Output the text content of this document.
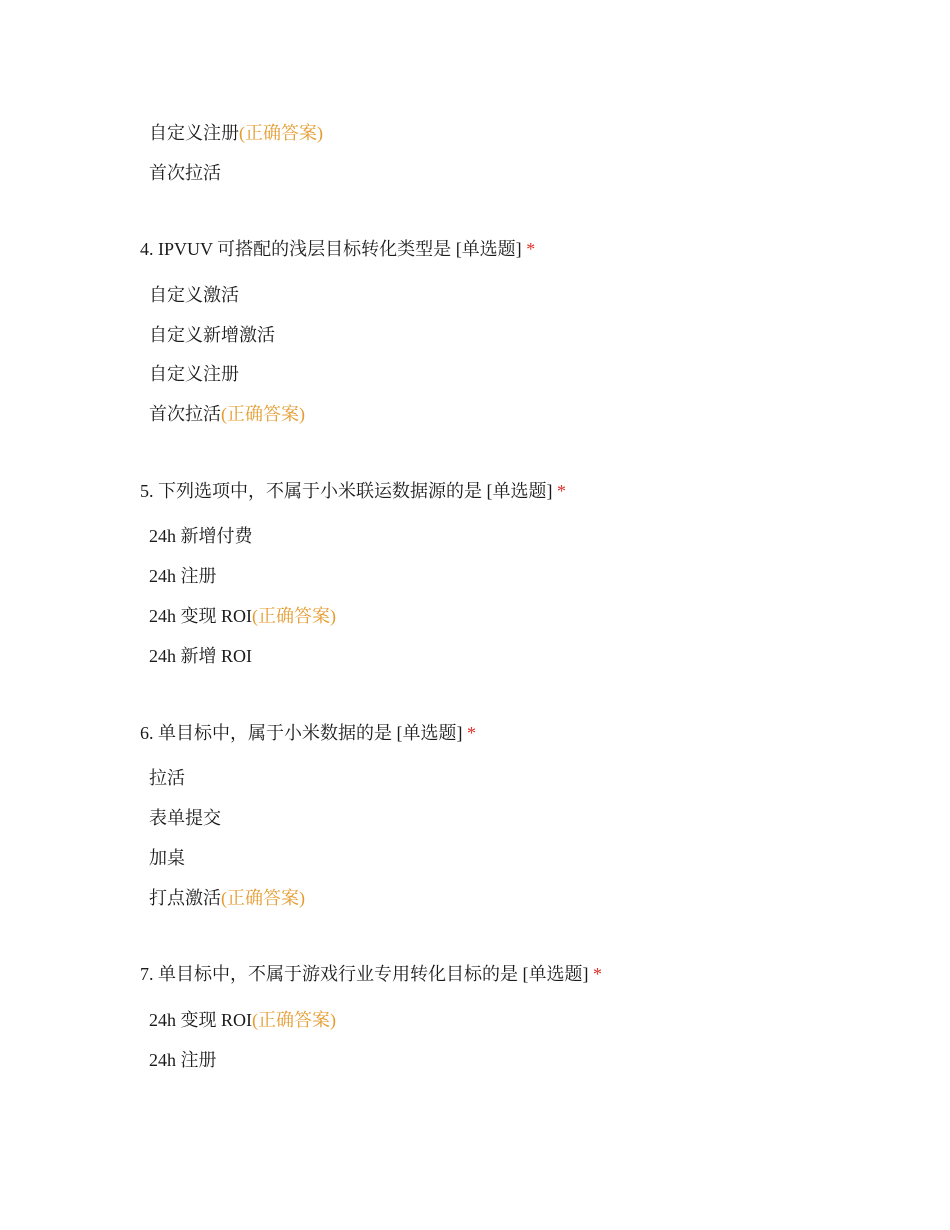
自定义注册(正确答案)
首次拉活
4. IPVUV 可搭配的浅层目标转化类型是 [单选题] *
自定义激活
自定义新增激活
自定义注册
首次拉活(正确答案)
5. 下列选项中，不属于小米联运数据源的是 [单选题] *
24h 新增付费
24h 注册
24h 变现 ROI(正确答案)
24h 新增 ROI
6. 单目标中，属于小米数据的是 [单选题] *
拉活
表单提交
加桌
打点激活(正确答案)
7. 单目标中，不属于游戏行业专用转化目标的是 [单选题] *
24h 变现 ROI(正确答案)
24h 注册
